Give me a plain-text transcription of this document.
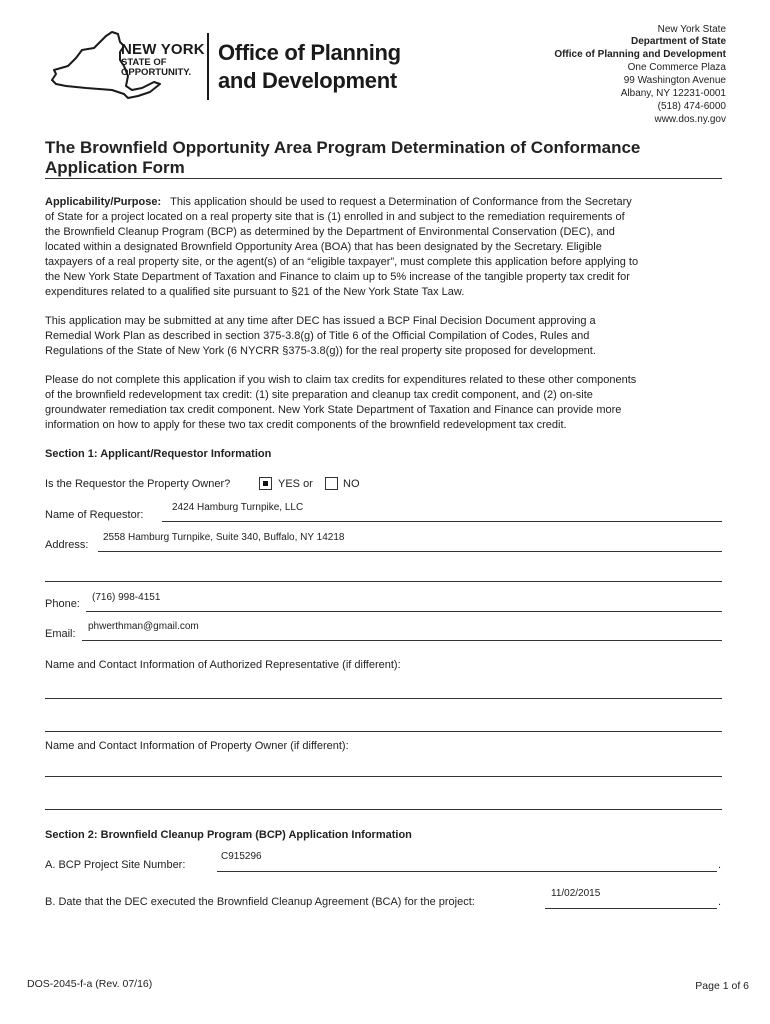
NEW YORK
STATE OF
OPPORTUNITY.
Office of Planning
and Development
New York State
Department of State
Office of Planning and Development
One Commerce Plaza
99 Washington Avenue
Albany, NY 12231-0001
(518) 474-6000
www.dos.ny.gov
The Brownfield Opportunity Area Program Determination of Conformance
Application Form
Applicability/Purpose: This application should be used to request a Determination of Conformance from the Secretary
of State for a project located on a real property site that is (1) enrolled in and subject to the remediation requirements of
the Brownfield Cleanup Program (BCP) as determined by the Department of Environmental Conservation (DEC), and
located within a designated Brownfield Opportunity Area (BOA) that has been designated by the Secretary. Eligible
taxpayers of a real property site, or the agent(s) of an “eligible taxpayer”, must complete this application before applying to
the New York State Department of Taxation and Finance to claim up to 5% increase of the tangible property tax credit for
expenditures related to a qualified site pursuant to §21 of the New York State Tax Law.
This application may be submitted at any time after DEC has issued a BCP Final Decision Document approving a
Remedial Work Plan as described in section 375-3.8(g) of Title 6 of the Official Compilation of Codes, Rules and
Regulations of the State of New York (6 NYCRR §375-3.8(g)) for the real property site proposed for development.
Please do not complete this application if you wish to claim tax credits for expenditures related to these other components
of the brownfield redevelopment tax credit: (1) site preparation and cleanup tax credit component, and (2) on-site
groundwater remediation tax credit component. New York State Department of Taxation and Finance can provide more
information on how to apply for these two tax credit components of the brownfield redevelopment tax credit.
Section 1: Applicant/Requestor Information
Is the Requestor the Property Owner?	YES or	NO
Name of Requestor:
2424 Hamburg Turnpike, LLC
Address:
2558 Hamburg Turnpike, Suite 340, Buffalo, NY 14218
Phone:
(716) 998-4151
Email:
phwerthman@gmail.com
Name and Contact Information of Authorized Representative (if different):
Name and Contact Information of Property Owner (if different):
Section 2: Brownfield Cleanup Program (BCP) Application Information
A. BCP Project Site Number:
C915296
.
B. Date that the DEC executed the Brownfield Cleanup Agreement (BCA) for the project:
11/02/2015
.
DOS-2045-f-a (Rev. 07/16)	Page 1 of 6
